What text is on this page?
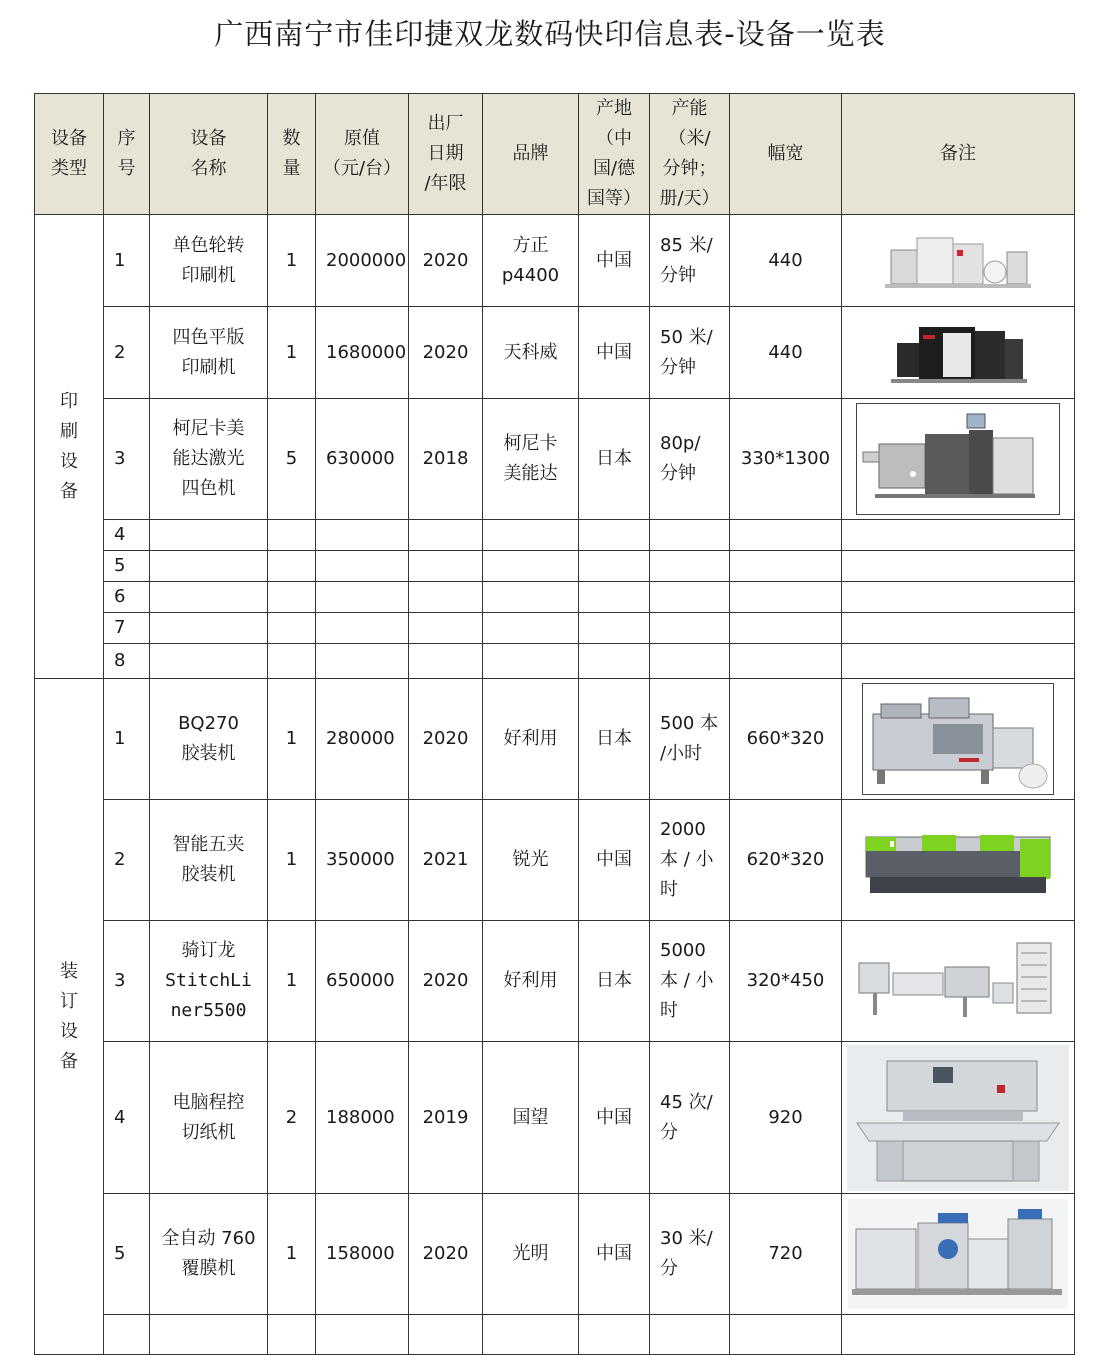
广西南宁市佳印捷双龙数码快印信息表-设备一览表
设备
类型	序
号	设备
名称	数
量	原值
（元/台）	出厂
日期
/年限	品牌	产地
（中
国/德
国等）	产能
（米/
分钟；
册/天）	幅宽	备注
印
刷
设
备	1	单色轮转
印刷机	1	2000000	2020	方正
p4400	中国	85 米/
分钟	440	

	2	四色平版
印刷机	1	1680000	2020	天科威	中国	50 米/
分钟	440	

	3	柯尼卡美
能达激光
四色机	5	630000	2018	柯尼卡
美能达	日本	80p/
分钟	330*1300	

	4									
	5									
	6									
	7									
	8									
装
订
设
备	1	BQ270
胶装机	1	280000	2020	好利用	日本	500 本
/小时	660*320	

	2	智能五夹
胶装机	1	350000	2021	锐光	中国	2000
本 / 小
时	620*320	

	3	骑订龙
StitchLi
ner5500	1	650000	2020	好利用	日本	5000
本 / 小
时	320*450	

	4	电脑程控
切纸机	2	188000	2019	国望	中国	45 次/
分	920	

	5	全自动 760
覆膜机	1	158000	2020	光明	中国	30 米/
分	720	
